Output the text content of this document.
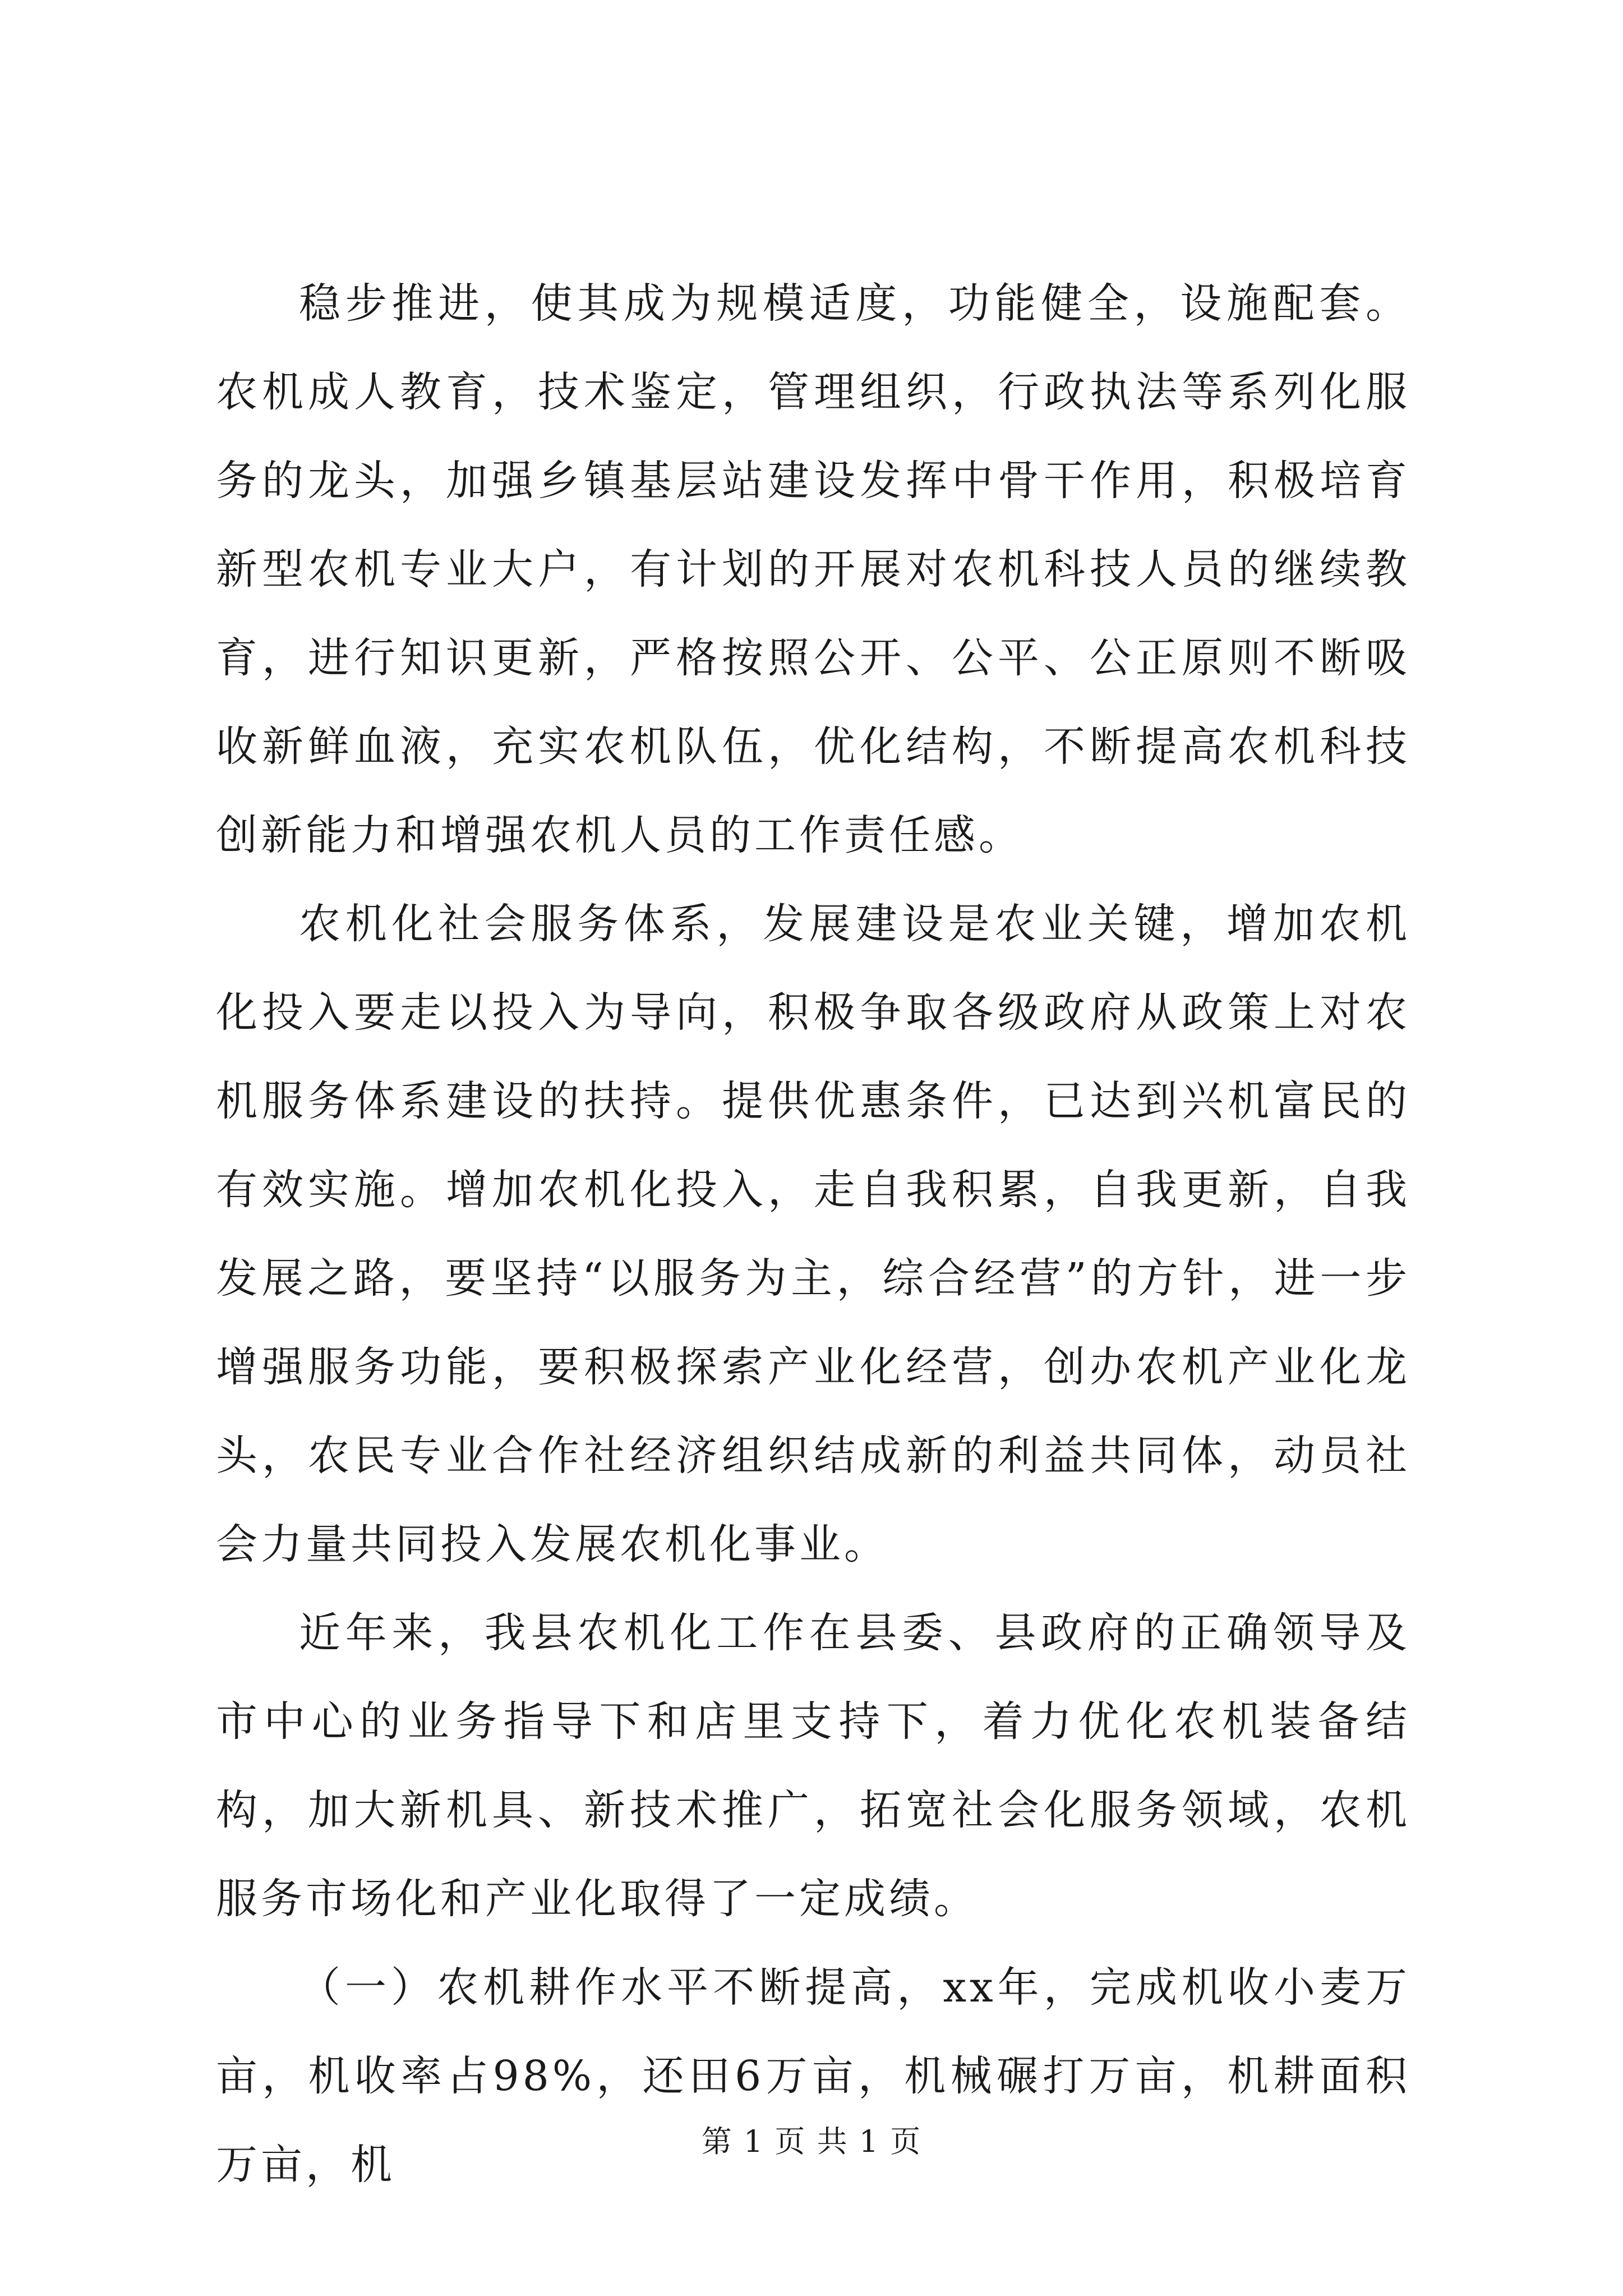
稳步推进，使其成为规模适度，功能健全，设施配套。农机成人教育，技术鉴定，管理组织，行政执法等系列化服务的龙头，加强乡镇基层站建设发挥中骨干作用，积极培育新型农机专业大户，有计划的开展对农机科技人员的继续教育，进行知识更新，严格按照公开、公平、公正原则不断吸收新鲜血液，充实农机队伍，优化结构，不断提高农机科技创新能力和增强农机人员的工作责任感。

农机化社会服务体系，发展建设是农业关键，增加农机化投入要走以投入为导向，积极争取各级政府从政策上对农机服务体系建设的扶持。提供优惠条件，已达到兴机富民的有效实施。增加农机化投入，走自我积累，自我更新，自我发展之路，要坚持“以服务为主，综合经营”的方针，进一步增强服务功能，要积极探索产业化经营，创办农机产业化龙头，农民专业合作社经济组织结成新的利益共同体，动员社会力量共同投入发展农机化事业。

近年来，我县农机化工作在县委、县政府的正确领导及市中心的业务指导下和店里支持下，着力优化农机装备结构，加大新机具、新技术推广，拓宽社会化服务领域，农机服务市场化和产业化取得了一定成绩。

（一）农机耕作水平不断提高，xx年，完成机收小麦万亩，机收率占98%，还田6万亩，机械碾打万亩，机耕面积万亩，机	第 1 页 共 1 页
